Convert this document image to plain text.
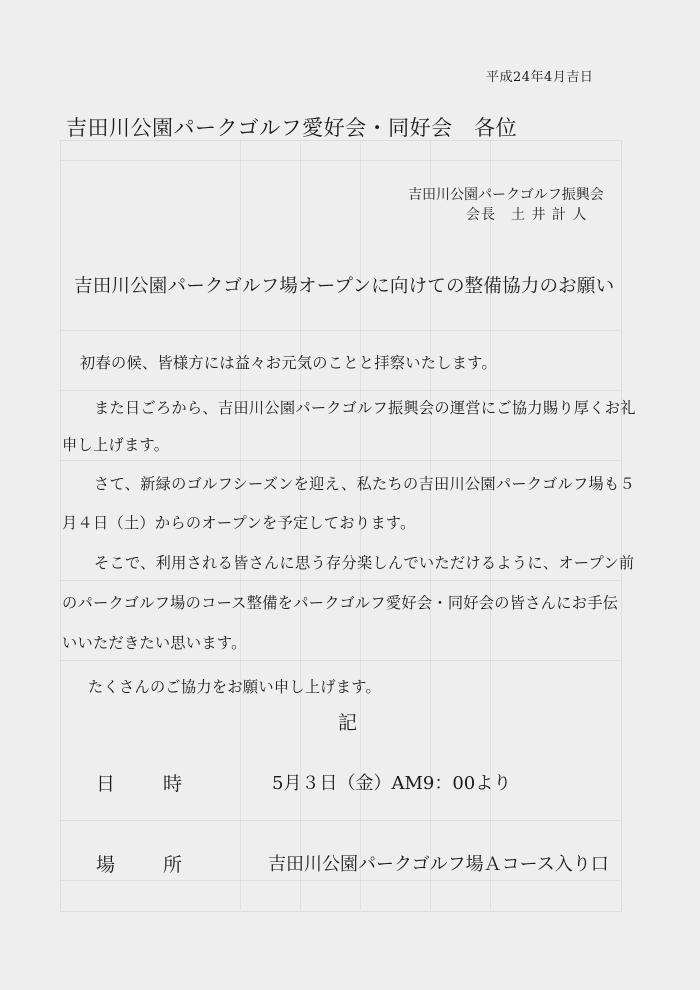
平成24年4月吉日
吉田川公園パークゴルフ愛好会・同好会　各位
吉田川公園パークゴルフ振興会
会長　土 井 計 人
吉田川公園パークゴルフ場オープンに向けての整備協力のお願い
初春の候、皆様方には益々お元気のことと拝察いたします。
また日ごろから、吉田川公園パークゴルフ振興会の運営にご協力賜り厚くお礼
申し上げます。
さて、新緑のゴルフシーズンを迎え、私たちの吉田川公園パークゴルフ場も５
月４日（土）からのオープンを予定しております。
そこで、利用される皆さんに思う存分楽しんでいただけるように、オープン前
のパークゴルフ場のコース整備をパークゴルフ愛好会・同好会の皆さんにお手伝
いいただきたい思います。
たくさんのご協力をお願い申し上げます。
記
日	時	5月３日（金）AM9：00より
場	所	吉田川公園パークゴルフ場Ａコース入り口
